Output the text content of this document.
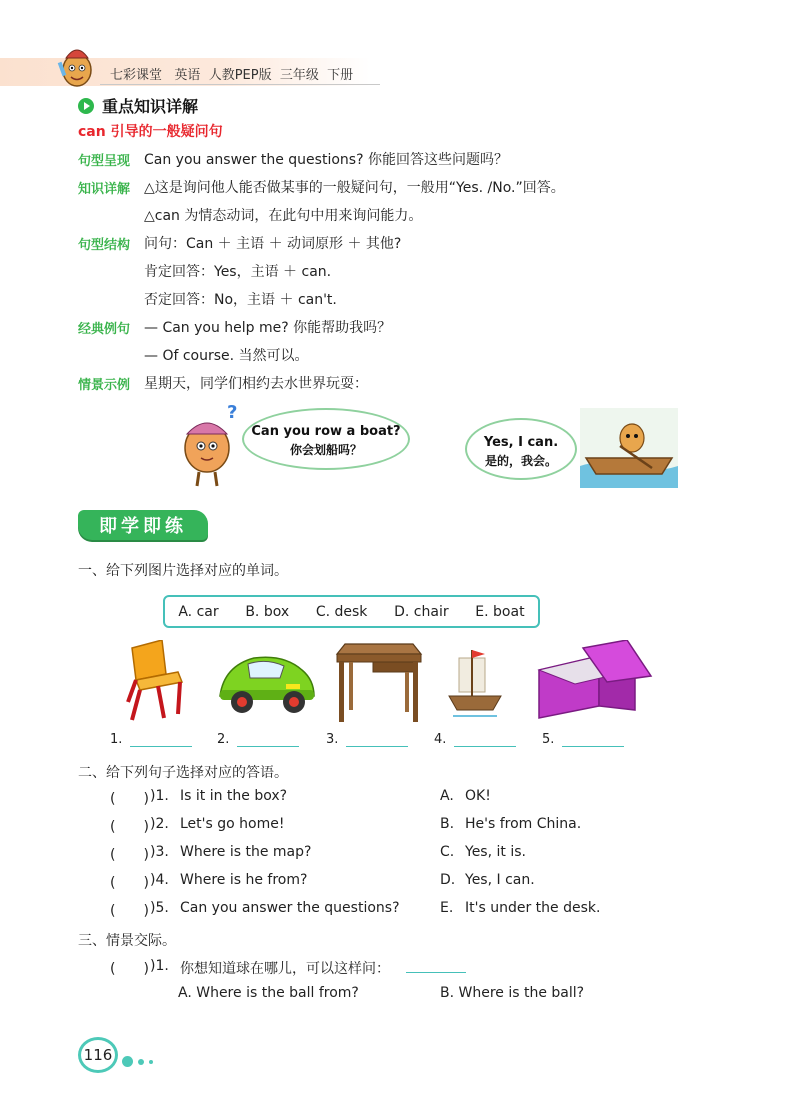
七彩课堂 英语 人教PEP版 三年级 下册
重点知识详解
can 引导的一般疑问句
句型呈现 Can you answer the questions? 你能回答这些问题吗？
知识详解 △这是询问他人能否做某事的一般疑问句，一般用“Yes. /No.”回答。
△can 为情态动词，在此句中用来询问能力。
句型结构 问句：Can ＋ 主语 ＋ 动词原形 ＋ 其他?
肯定回答：Yes，主语 ＋ can.
否定回答：No，主语 ＋ can't.
经典例句 — Can you help me? 你能帮助我吗？
— Of course. 当然可以。
情景示例 星期天，同学们相约去水世界玩耍：
?
Can you row a boat?
你会划船吗？	Yes, I can.
是的，我会。
即学即练
一、给下列图片选择对应的单词。
A. car B. box C. desk D. chair E. boat
1.	2.	3.	4.	5.
二、给下列句子选择对应的答语。
(　　) )1. Is it in the box?	A. OK!
(　　) )2. Let's go home!	B. He's from China.
(　　) )3. Where is the map?	C. Yes, it is.
(　　) )4. Where is he from?	D. Yes, I can.
(　　) )5. Can you answer the questions?	E. It's under the desk.
三、情景交际。
(　　) )1. 你想知道球在哪儿，可以这样问：
A. Where is the ball from?	B. Where is the ball?
116
